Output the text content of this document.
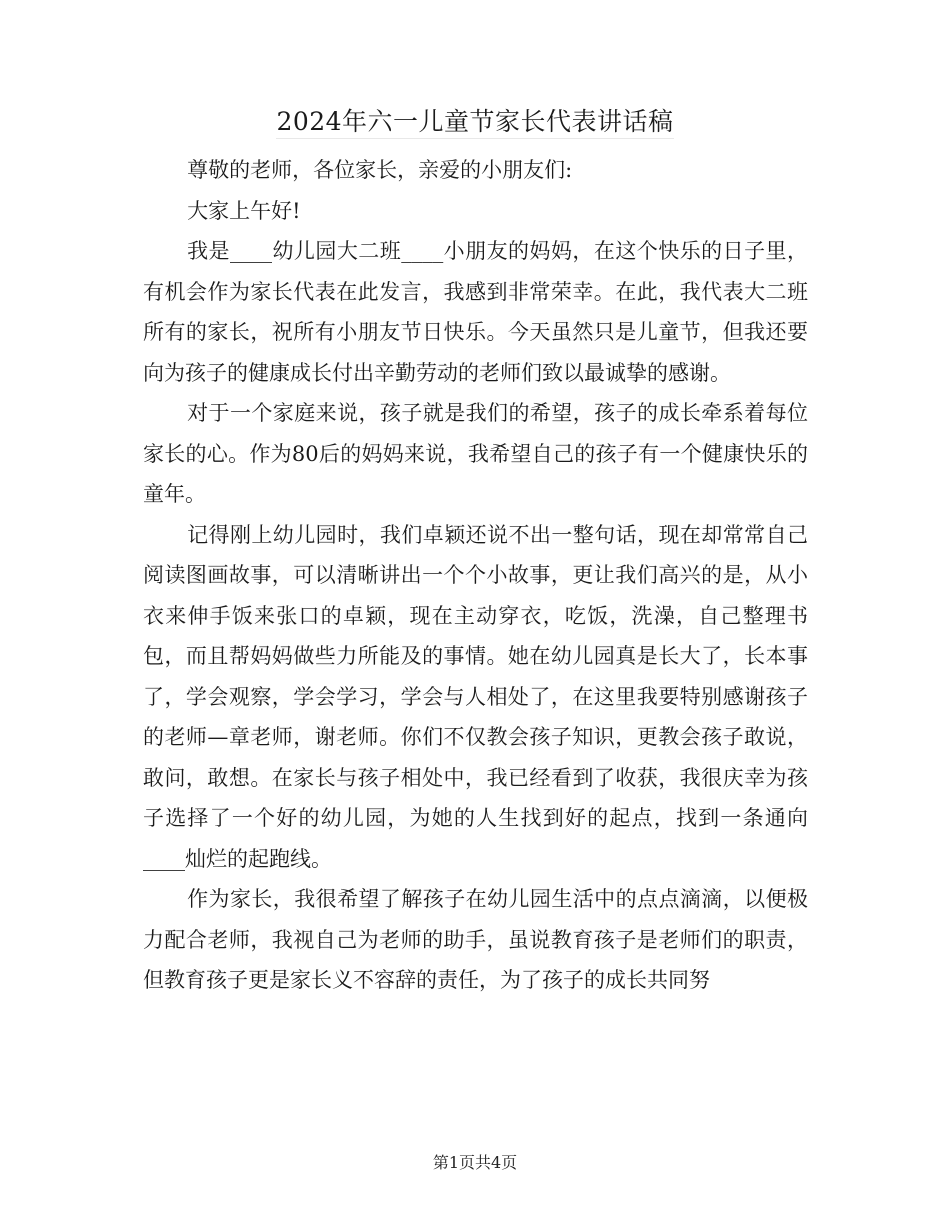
2024年六一儿童节家长代表讲话稿

尊敬的老师，各位家长，亲爱的小朋友们:

大家上午好!

我是____幼儿园大二班____小朋友的妈妈，在这个快乐的日子里，有机会作为家长代表在此发言，我感到非常荣幸。在此，我代表大二班所有的家长，祝所有小朋友节日快乐。今天虽然只是儿童节，但我还要向为孩子的健康成长付出辛勤劳动的老师们致以最诚挚的感谢。

对于一个家庭来说，孩子就是我们的希望，孩子的成长牵系着每位家长的心。作为80后的妈妈来说，我希望自己的孩子有一个健康快乐的童年。

记得刚上幼儿园时，我们卓颖还说不出一整句话，现在却常常自己阅读图画故事，可以清晰讲出一个个小故事，更让我们高兴的是，从小衣来伸手饭来张口的卓颖，现在主动穿衣，吃饭，洗澡，自己整理书包，而且帮妈妈做些力所能及的事情。她在幼儿园真是长大了，长本事了，学会观察，学会学习，学会与人相处了，在这里我要特别感谢孩子的老师—章老师，谢老师。你们不仅教会孩子知识，更教会孩子敢说，敢问，敢想。在家长与孩子相处中，我已经看到了收获，我很庆幸为孩子选择了一个好的幼儿园，为她的人生找到好的起点，找到一条通向____灿烂的起跑线。

作为家长，我很希望了解孩子在幼儿园生活中的点点滴滴，以便极力配合老师，我视自己为老师的助手，虽说教育孩子是老师们的职责，但教育孩子更是家长义不容辞的责任，为了孩子的成长共同努

第1页共4页
